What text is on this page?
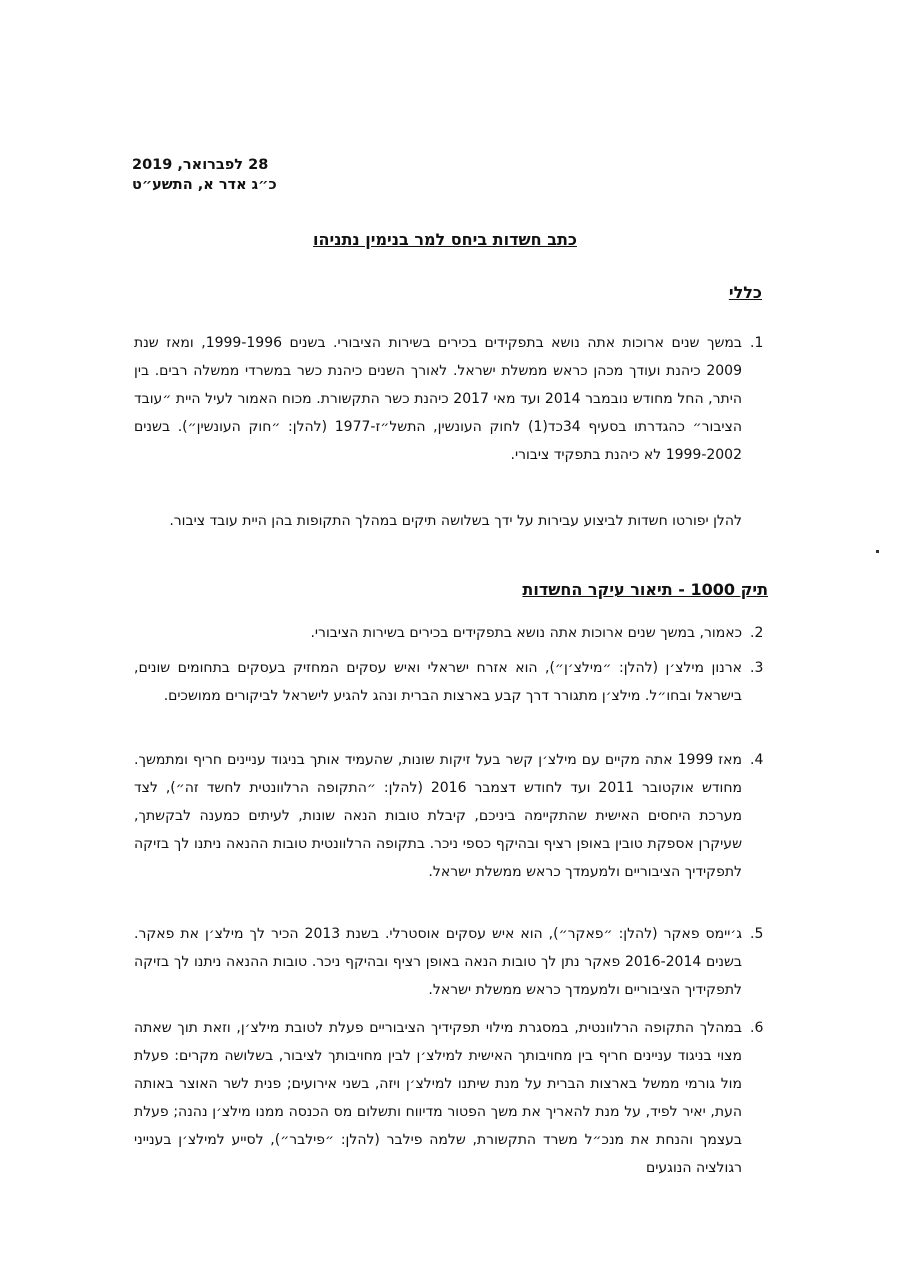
28 לפברואר, 2019
כ״ג אדר א, התשע״ט
כתב חשדות ביחס למר בנימין נתניהו
כללי
.1
במשך שנים ארוכות אתה נושא בתפקידים בכירים בשירות הציבורי. בשנים 1999-1996, ומאז שנת 2009 כיהנת ועודך מכהן כראש ממשלת ישראל. לאורך השנים כיהנת כשר במשרדי ממשלה רבים. בין היתר, החל מחודש נובמבר 2014 ועד מאי 2017 כיהנת כשר התקשורת. מכוח האמור לעיל היית ״עובד הציבור״ כהגדרתו בסעיף 34כד(1) לחוק העונשין, התשל״ז-1977 (להלן: ״חוק העונשין״). בשנים 1999-2002 לא כיהנת בתפקיד ציבורי.
להלן יפורטו חשדות לביצוע עבירות על ידך בשלושה תיקים במהלך התקופות בהן היית עובד ציבור.
תיק 1000 - תיאור עיקר החשדות
.2
כאמור, במשך שנים ארוכות אתה נושא בתפקידים בכירים בשירות הציבורי.
.3
ארנון מילצ׳ן (להלן: ״מילצ׳ן״), הוא אזרח ישראלי ואיש עסקים המחזיק בעסקים בתחומים שונים, בישראל ובחו״ל. מילצ׳ן מתגורר דרך קבע בארצות הברית ונהג להגיע לישראל לביקורים ממושכים.
.4
מאז 1999 אתה מקיים עם מילצ׳ן קשר בעל זיקות שונות, שהעמיד אותך בניגוד עניינים חריף ומתמשך. מחודש אוקטובר 2011 ועד לחודש דצמבר 2016 (להלן: ״התקופה הרלוונטית לחשד זה״), לצד מערכת היחסים האישית שהתקיימה ביניכם, קיבלת טובות הנאה שונות, לעיתים כמענה לבקשתך, שעיקרן אספקת טובין באופן רציף ובהיקף כספי ניכר. בתקופה הרלוונטית טובות ההנאה ניתנו לך בזיקה לתפקידיך הציבוריים ולמעמדך כראש ממשלת ישראל.
.5
ג׳יימס פאקר (להלן: ״פאקר״), הוא איש עסקים אוסטרלי. בשנת 2013 הכיר לך מילצ׳ן את פאקר. בשנים 2016-2014 פאקר נתן לך טובות הנאה באופן רציף ובהיקף ניכר. טובות ההנאה ניתנו לך בזיקה לתפקידיך הציבוריים ולמעמדך כראש ממשלת ישראל.
.6
במהלך התקופה הרלוונטית, במסגרת מילוי תפקידיך הציבוריים פעלת לטובת מילצ׳ן, וזאת תוך שאתה מצוי בניגוד עניינים חריף בין מחויבותך האישית למילצ׳ן לבין מחויבותך לציבור, בשלושה מקרים: פעלת מול גורמי ממשל בארצות הברית על מנת שיתנו למילצ׳ן ויזה, בשני אירועים; פנית לשר האוצר באותה העת, יאיר לפיד, על מנת להאריך את משך הפטור מדיווח ותשלום מס הכנסה ממנו מילצ׳ן נהנה; פעלת בעצמך והנחת את מנכ״ל משרד התקשורת, שלמה פילבר (להלן: ״פילבר״), לסייע למילצ׳ן בענייני רגולציה הנוגעים
